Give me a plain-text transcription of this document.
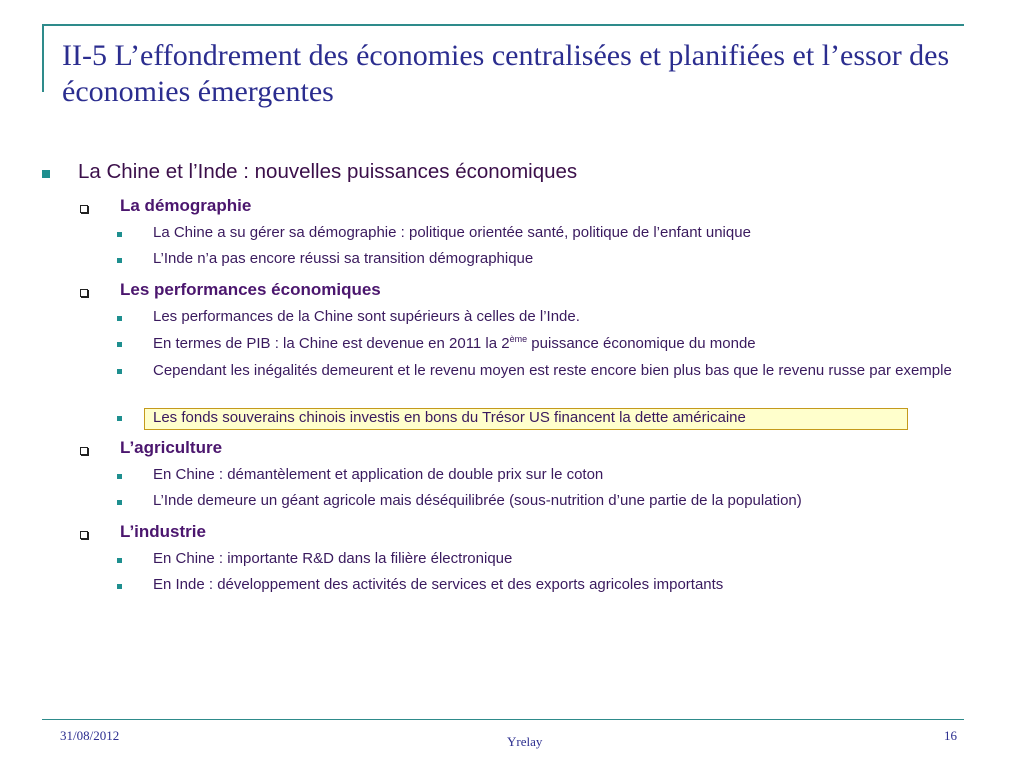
II-5 L’effondrement des économies centralisées et planifiées et l’essor des économies émergentes
La Chine et l’Inde : nouvelles puissances économiques
La démographie
La Chine a su gérer sa démographie : politique orientée santé, politique de l’enfant unique
L’Inde n’a pas encore réussi sa transition démographique
Les performances économiques
Les performances de la Chine sont supérieurs à celles de l’Inde.
En termes de PIB : la Chine est devenue en 2011 la 2ème puissance économique du monde
Cependant les inégalités demeurent et le revenu moyen est reste encore bien plus bas que le revenu russe par exemple
Les fonds souverains chinois investis en bons du Trésor US financent la dette américaine
L’agriculture
En Chine : démantèlement et application de double prix sur le coton
L’Inde demeure un géant agricole mais déséquilibrée (sous-nutrition d’une partie de la population)
L’industrie
En Chine : importante R&D dans la filière électronique
En Inde : développement des activités de services et des exports agricoles importants
31/08/2012	Yrelay	16
